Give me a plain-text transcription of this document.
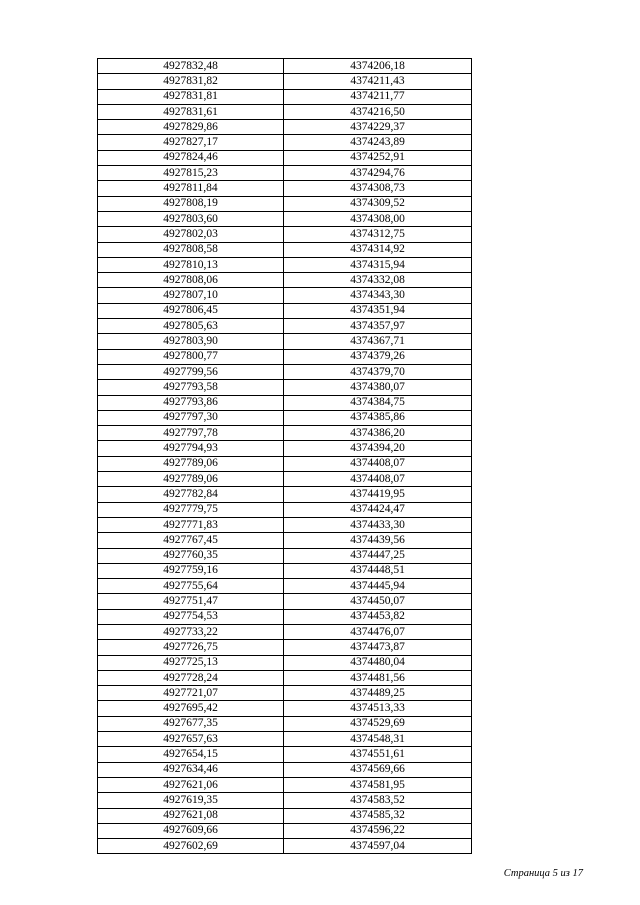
4927832,48	4374206,18
4927831,82	4374211,43
4927831,81	4374211,77
4927831,61	4374216,50
4927829,86	4374229,37
4927827,17	4374243,89
4927824,46	4374252,91
4927815,23	4374294,76
4927811,84	4374308,73
4927808,19	4374309,52
4927803,60	4374308,00
4927802,03	4374312,75
4927808,58	4374314,92
4927810,13	4374315,94
4927808,06	4374332,08
4927807,10	4374343,30
4927806,45	4374351,94
4927805,63	4374357,97
4927803,90	4374367,71
4927800,77	4374379,26
4927799,56	4374379,70
4927793,58	4374380,07
4927793,86	4374384,75
4927797,30	4374385,86
4927797,78	4374386,20
4927794,93	4374394,20
4927789,06	4374408,07
4927789,06	4374408,07
4927782,84	4374419,95
4927779,75	4374424,47
4927771,83	4374433,30
4927767,45	4374439,56
4927760,35	4374447,25
4927759,16	4374448,51
4927755,64	4374445,94
4927751,47	4374450,07
4927754,53	4374453,82
4927733,22	4374476,07
4927726,75	4374473,87
4927725,13	4374480,04
4927728,24	4374481,56
4927721,07	4374489,25
4927695,42	4374513,33
4927677,35	4374529,69
4927657,63	4374548,31
4927654,15	4374551,61
4927634,46	4374569,66
4927621,06	4374581,95
4927619,35	4374583,52
4927621,08	4374585,32
4927609,66	4374596,22
4927602,69	4374597,04
Страница 5 из 17
